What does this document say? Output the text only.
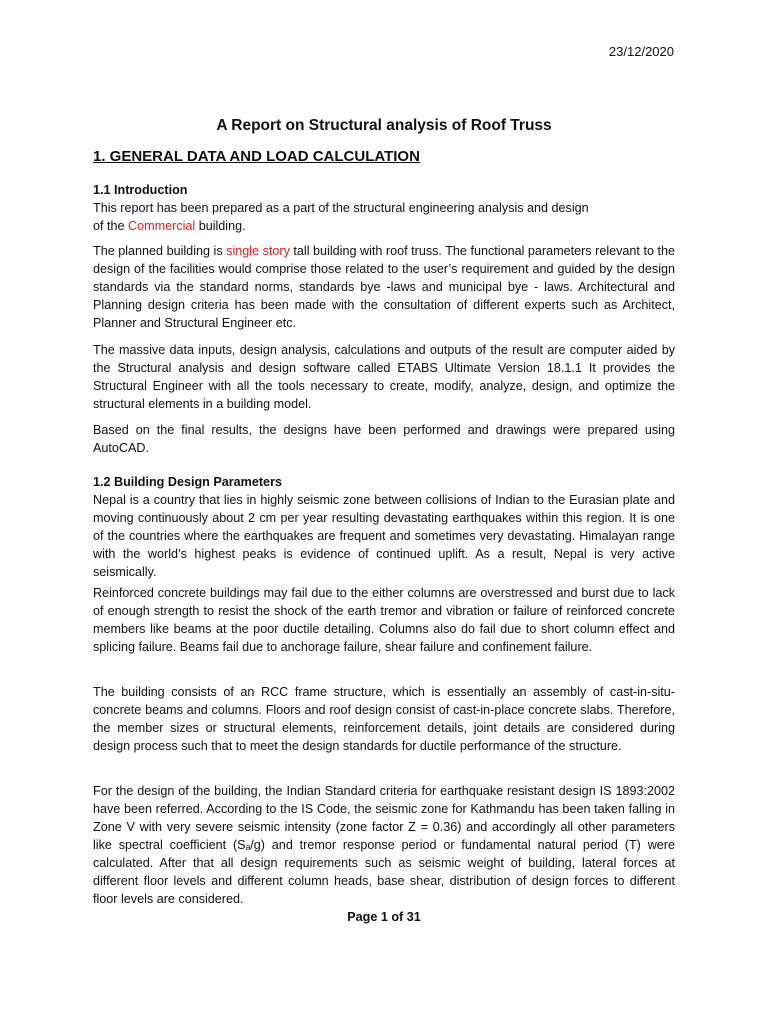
23/12/2020
A Report on Structural analysis of Roof Truss
1. GENERAL DATA AND LOAD CALCULATION
1.1 Introduction

This report has been prepared as a part of the structural engineering analysis and design
of the Commercial building.

The planned building is single story tall building with roof truss. The functional parameters relevant to the design of the facilities would comprise those related to the user’s requirement and guided by the design standards via the standard norms, standards bye -laws and municipal bye - laws. Architectural and Planning design criteria has been made with the consultation of different experts such as Architect, Planner and Structural Engineer etc.

The massive data inputs, design analysis, calculations and outputs of the result are computer aided by the Structural analysis and design software called ETABS Ultimate Version 18.1.1 It provides the Structural Engineer with all the tools necessary to create, modify, analyze, design, and optimize the structural elements in a building model.

Based on the final results, the designs have been performed and drawings were prepared using AutoCAD.

1.2 Building Design Parameters

Nepal is a country that lies in highly seismic zone between collisions of Indian to the Eurasian plate and moving continuously about 2 cm per year resulting devastating earthquakes within this region. It is one of the countries where the earthquakes are frequent and sometimes very devastating. Himalayan range with the world’s highest peaks is evidence of continued uplift. As a result, Nepal is very active seismically.

Reinforced concrete buildings may fail due to the either columns are overstressed and burst due to lack of enough strength to resist the shock of the earth tremor and vibration or failure of reinforced concrete members like beams at the poor ductile detailing. Columns also do fail due to short column effect and splicing failure. Beams fail due to anchorage failure, shear failure and confinement failure.

The building consists of an RCC frame structure, which is essentially an assembly of cast-in-situ-concrete beams and columns. Floors and roof design consist of cast-in-place concrete slabs. Therefore, the member sizes or structural elements, reinforcement details, joint details are considered during design process such that to meet the design standards for ductile performance of the structure.

For the design of the building, the Indian Standard criteria for earthquake resistant design IS 1893:2002 have been referred. According to the IS Code, the seismic zone for Kathmandu has been taken falling in Zone V with very severe seismic intensity (zone factor Z = 0.36) and accordingly all other parameters like spectral coefficient (Sₐ/g) and tremor response period or fundamental natural period (T) were calculated. After that all design requirements such as seismic weight of building, lateral forces at different floor levels and different column heads, base shear, distribution of design forces to different floor levels are considered.

Page 1 of 31
